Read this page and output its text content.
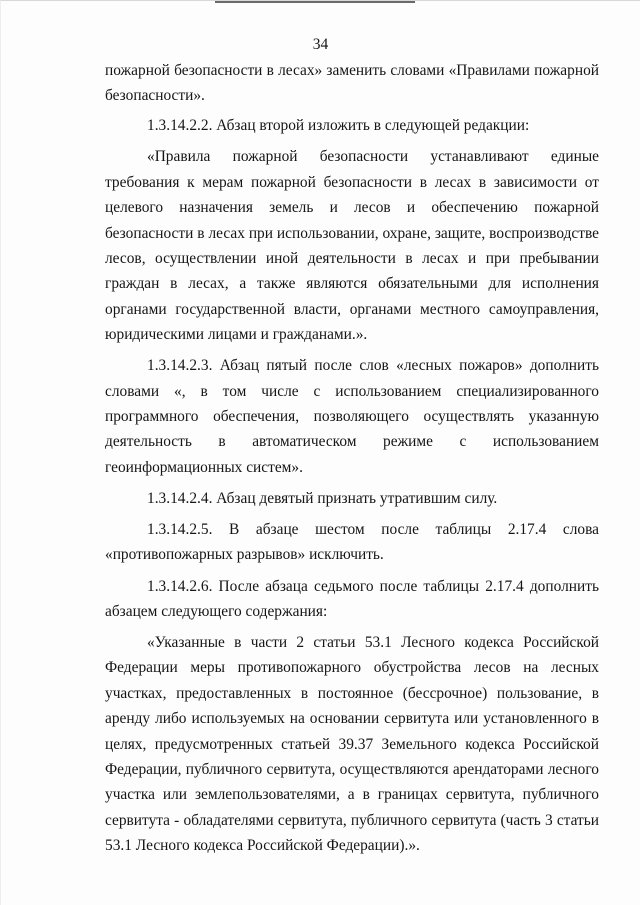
34

пожарной безопасности в лесах» заменить словами «Правилами пожарной безопасности».

1.3.14.2.2. Абзац второй изложить в следующей редакции:

«Правила пожарной безопасности устанавливают единые требования к мерам пожарной безопасности в лесах в зависимости от целевого назначения земель и лесов и обеспечению пожарной безопасности в лесах при использовании, охране, защите, воспроизводстве лесов, осуществлении иной деятельности в лесах и при пребывании граждан в лесах, а также являются обязательными для исполнения органами государственной власти, органами местного самоуправления, юридическими лицами и гражданами.».

1.3.14.2.3. Абзац пятый после слов «лесных пожаров» дополнить словами «, в том числе с использованием специализированного программного обеспечения, позволяющего осуществлять указанную деятельность в автоматическом режиме с использованием геоинформационных систем».

1.3.14.2.4. Абзац девятый признать утратившим силу.

1.3.14.2.5. В абзаце шестом после таблицы 2.17.4 слова «противопожарных разрывов» исключить.

1.3.14.2.6. После абзаца седьмого после таблицы 2.17.4 дополнить абзацем следующего содержания:

«Указанные в части 2 статьи 53.1 Лесного кодекса Российской Федерации меры противопожарного обустройства лесов на лесных участках, предоставленных в постоянное (бессрочное) пользование, в аренду либо используемых на основании сервитута или установленного в целях, предусмотренных статьей 39.37 Земельного кодекса Российской Федерации, публичного сервитута, осуществляются арендаторами лесного участка или землепользователями, а в границах сервитута, публичного сервитута - обладателями сервитута, публичного сервитута (часть 3 статьи 53.1 Лесного кодекса Российской Федерации).».
